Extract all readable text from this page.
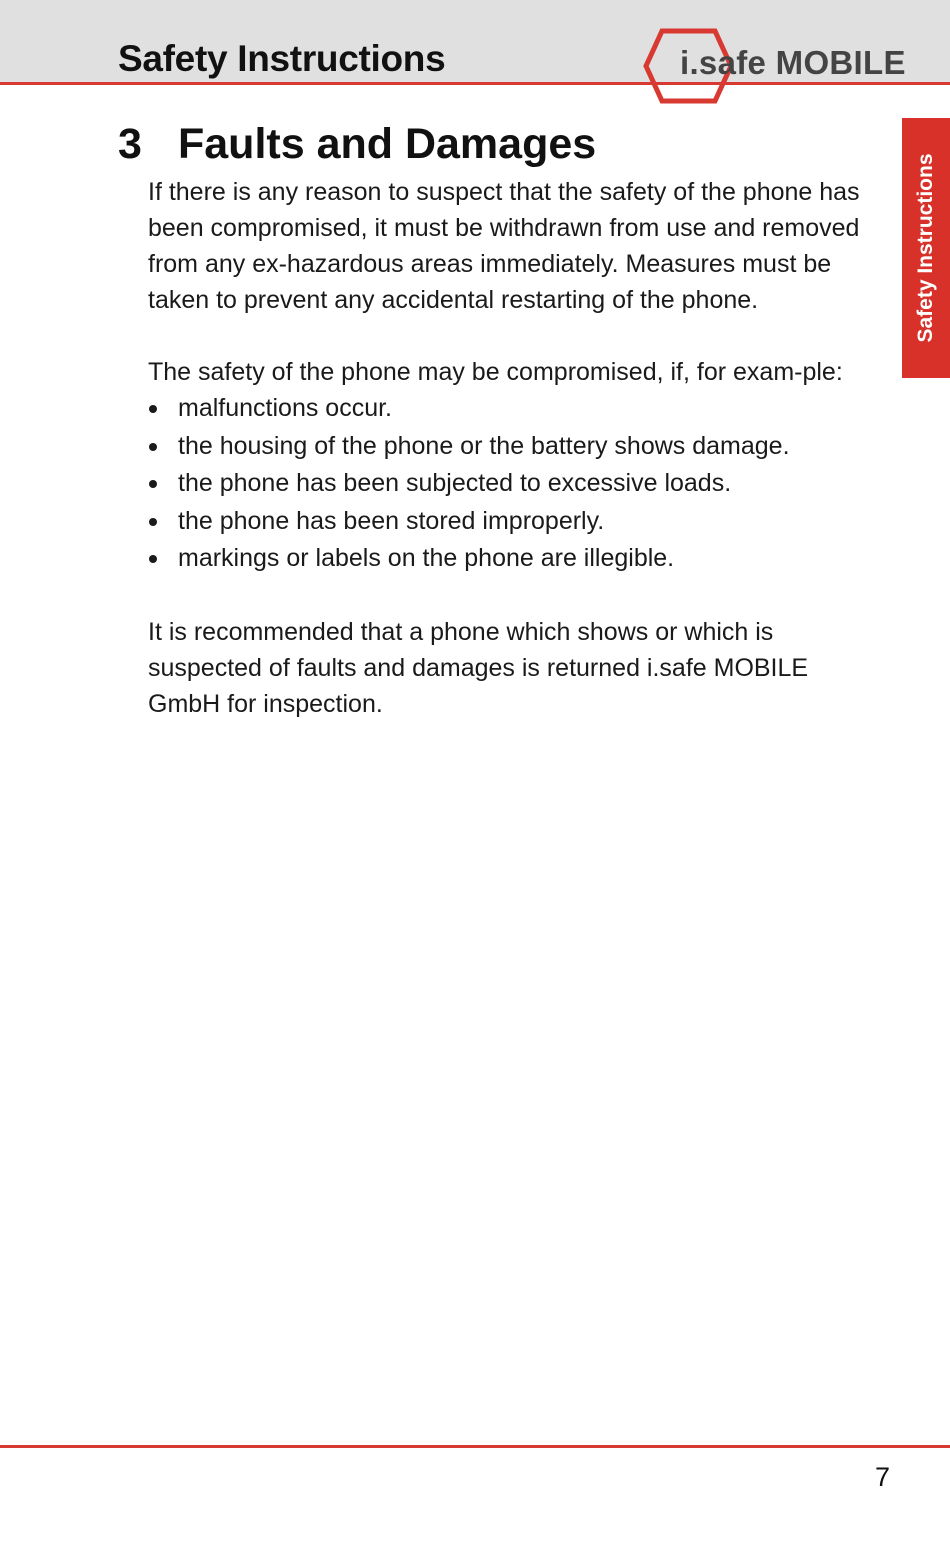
Safety Instructions	i.safe MOBILE
Safety Instructions
3 Faults and Damages

If there is any reason to suspect that the safety of the phone has been compromised, it must be withdrawn from use and removed from any ex-hazardous areas immediately. Measures must be taken to prevent any accidental restarting of the phone.

The safety of the phone may be compromised, if, for exam-ple:

malfunctions occur.
the housing of the phone or the battery shows damage.
the phone has been subjected to excessive loads.
the phone has been stored improperly.
markings or labels on the phone are illegible.

It is recommended that a phone which shows or which is suspected of faults and damages is returned i.safe MOBILE GmbH for inspection.

7
